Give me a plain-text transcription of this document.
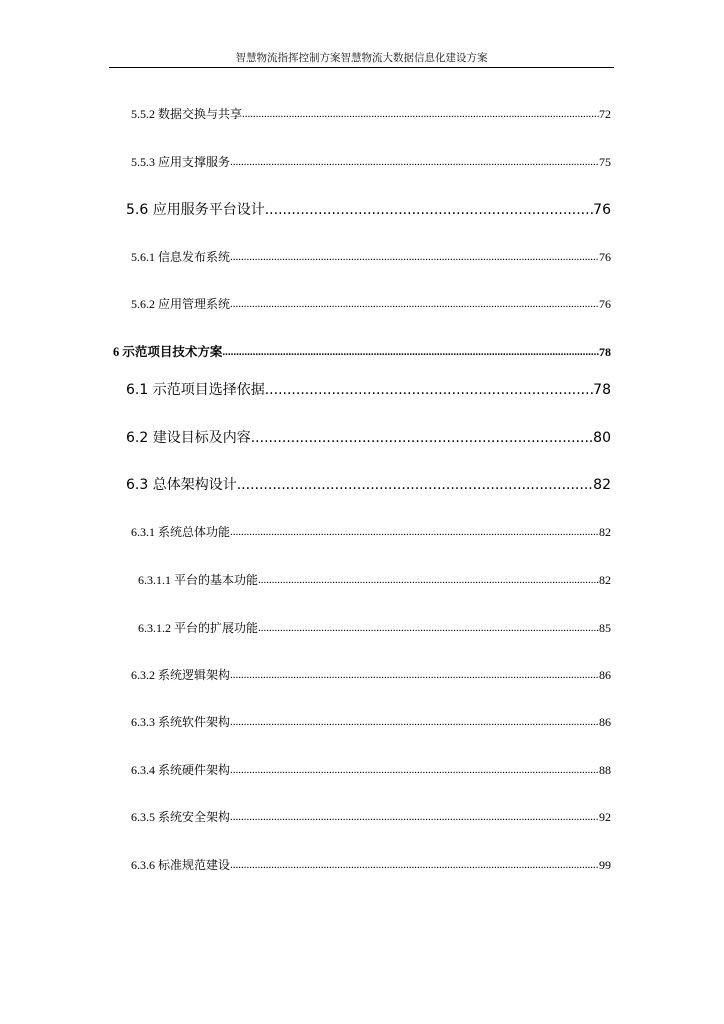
智慧物流指挥控制方案智慧物流大数据信息化建设方案
5.5.2 数据交换与共享 .....	72
5.5.3 应用支撑服务 .....	75
5.6 应用服务平台设计 .....	76
5.6.1 信息发布系统 .....	76
5.6.2 应用管理系统 .....	76
6 示范项目技术方案 .....	78
6.1 示范项目选择依据 .....	78
6.2 建设目标及内容 .....	80
6.3 总体架构设计 .....	82
6.3.1 系统总体功能 .....	82
6.3.1.1 平台的基本功能 .....	82
6.3.1.2 平台的扩展功能 .....	85
6.3.2 系统逻辑架构 .....	86
6.3.3 系统软件架构 .....	86
6.3.4 系统硬件架构 .....	88
6.3.5 系统安全架构 .....	92
6.3.6 标准规范建设 .....	99
